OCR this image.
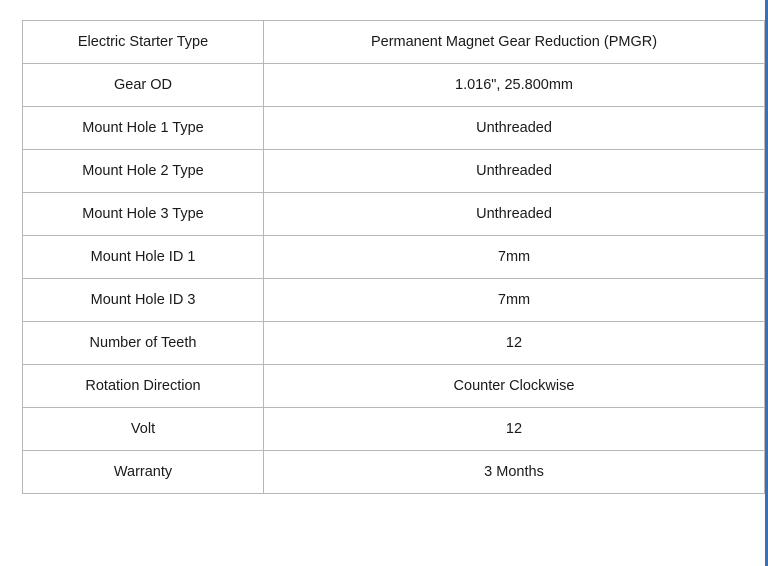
Electric Starter Type	Permanent Magnet Gear Reduction (PMGR)
Gear OD	1.016", 25.800mm
Mount Hole 1 Type	Unthreaded
Mount Hole 2 Type	Unthreaded
Mount Hole 3 Type	Unthreaded
Mount Hole ID 1	7mm
Mount Hole ID 3	7mm
Number of Teeth	12
Rotation Direction	Counter Clockwise
Volt	12
Warranty	3 Months
